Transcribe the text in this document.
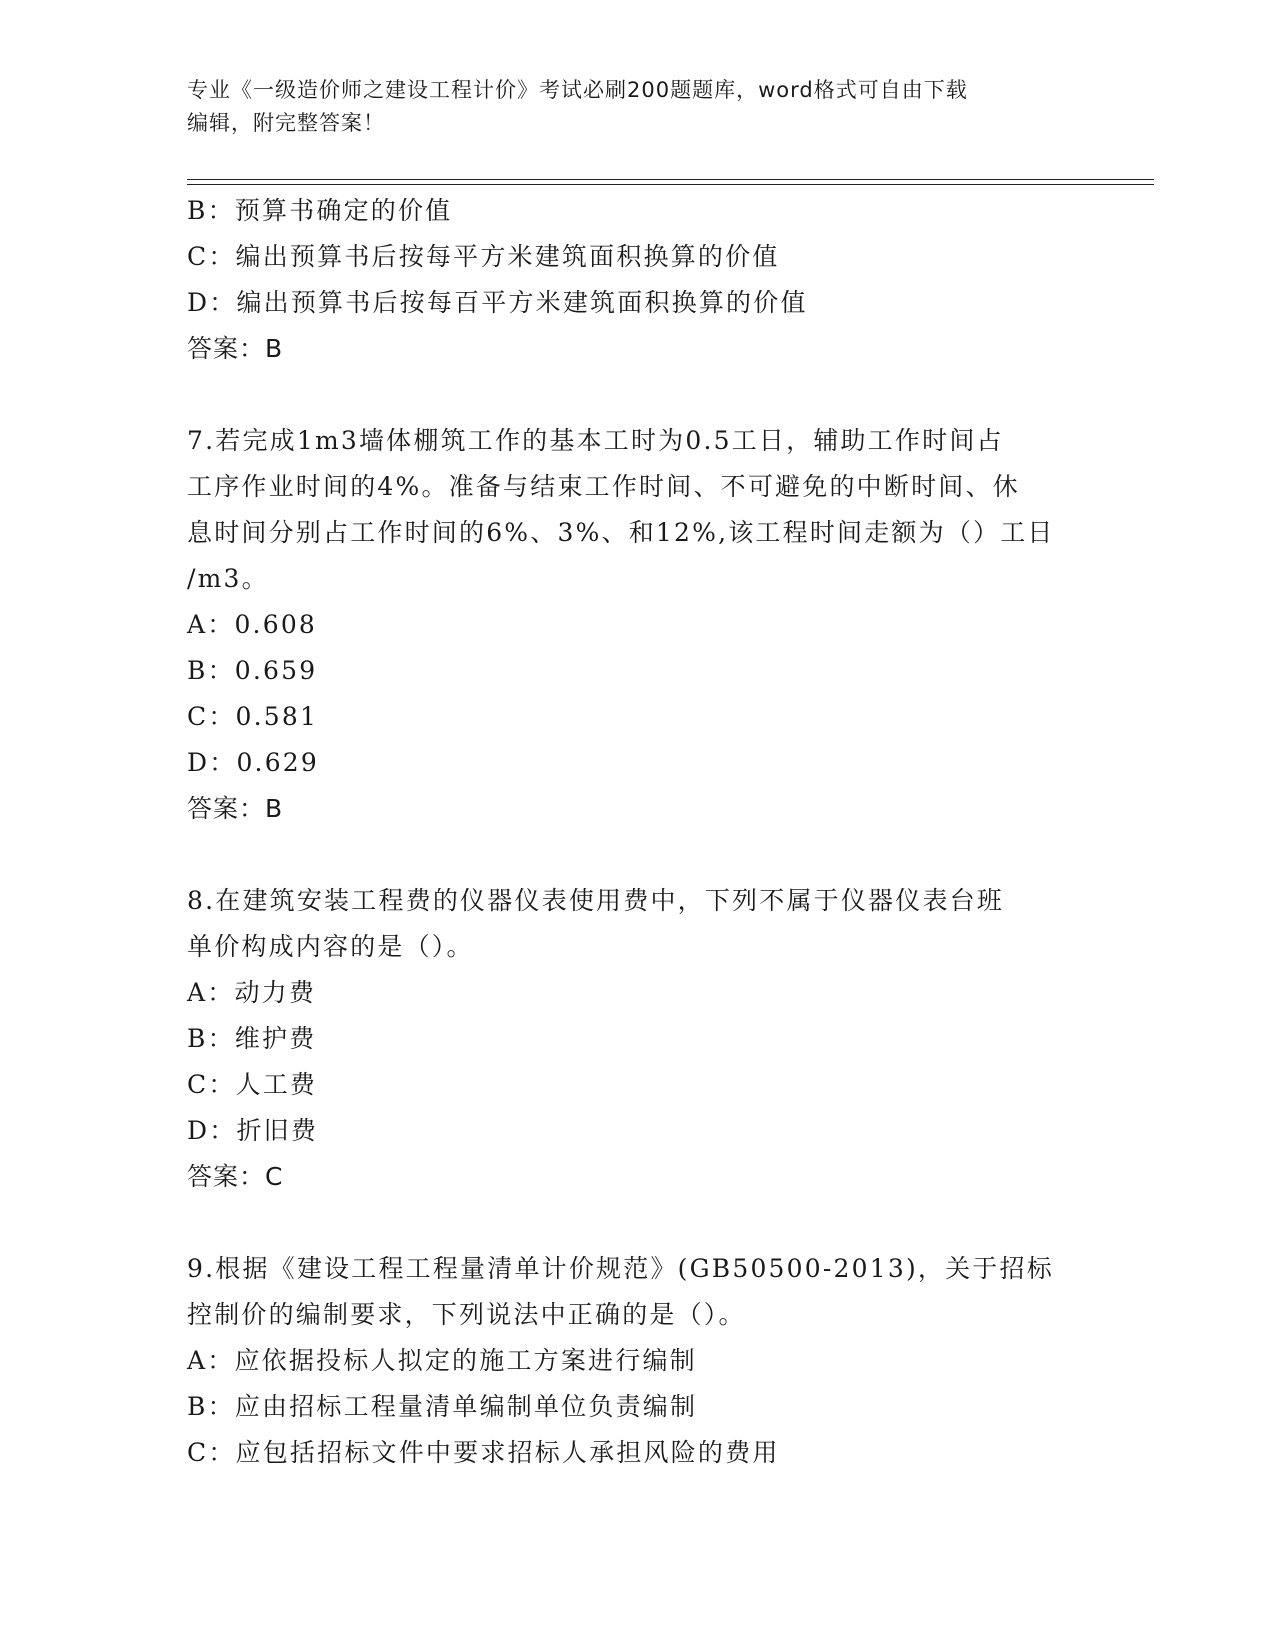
专业《一级造价师之建设工程计价》考试必刷200题题库，word格式可自由下载
编辑，附完整答案！

B：预算书确定的价值

C：编出预算书后按每平方米建筑面积换算的价值

D：编出预算书后按每百平方米建筑面积换算的价值

答案：B

7.若完成1m3墙体棚筑工作的基本工时为0.5工日，辅助工作时间占

工序作业时间的4%。准备与结束工作时间、不可避免的中断时间、休

息时间分别占工作时间的6%、3%、和12%,该工程时间走额为（）工日

/m3。

A：0.608

B：0.659

C：0.581

D：0.629

答案：B

8.在建筑安装工程费的仪器仪表使用费中，下列不属于仪器仪表台班

单价构成内容的是（）。

A：动力费

B：维护费

C：人工费

D：折旧费

答案：C

9.根据《建设工程工程量清单计价规范》(GB50500-2013)，关于招标

控制价的编制要求，下列说法中正确的是（）。

A：应依据投标人拟定的施工方案进行编制

B：应由招标工程量清单编制单位负责编制

C：应包括招标文件中要求招标人承担风险的费用
